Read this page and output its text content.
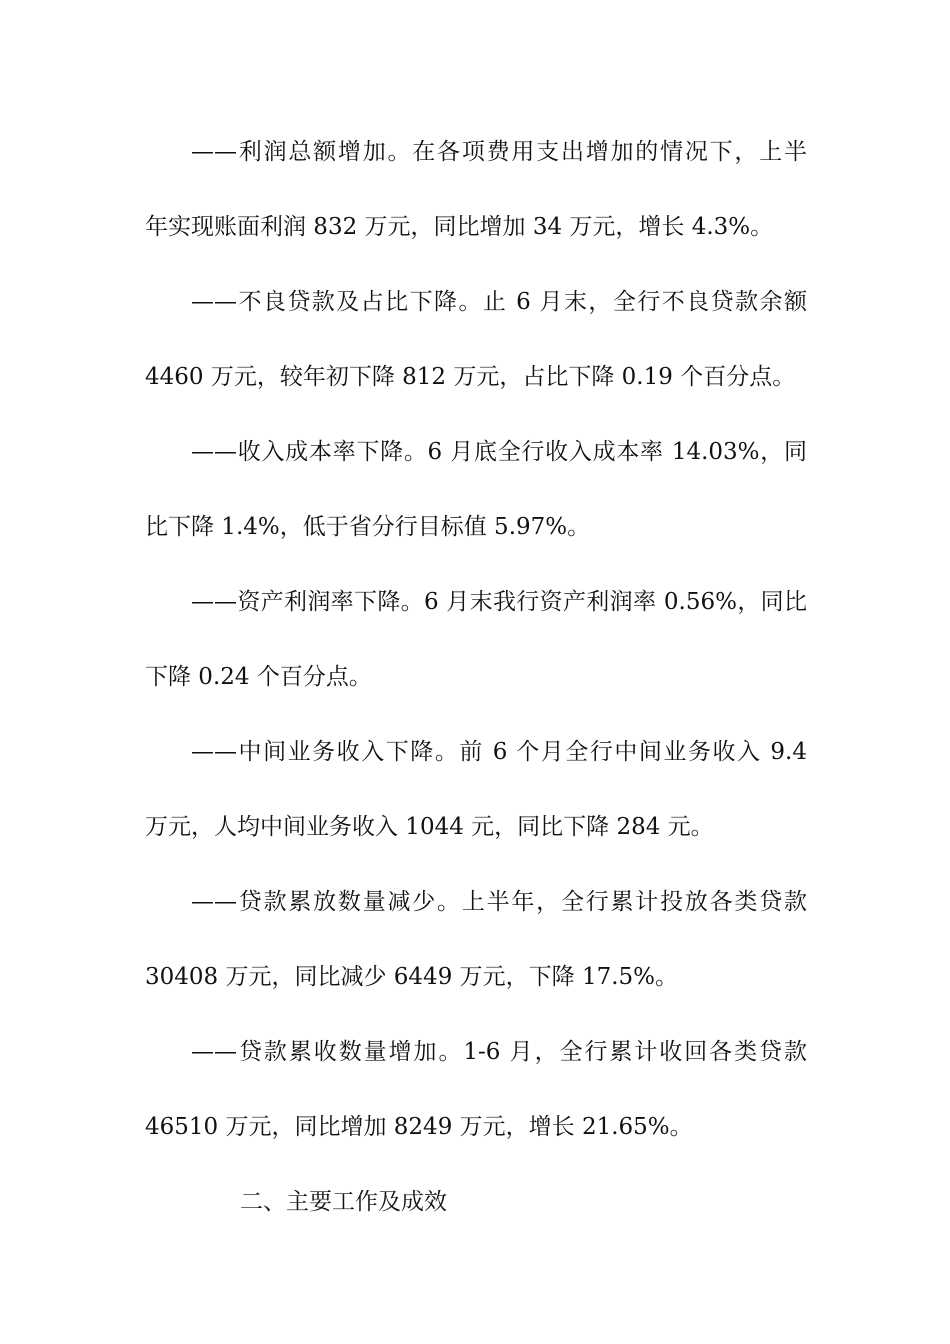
——利润总额增加。在各项费用支出增加的情况下，上半
年实现账面利润 832 万元，同比增加 34 万元，增长 4.3%。
——不良贷款及占比下降。止 6 月末，全行不良贷款余额
4460 万元，较年初下降 812 万元，占比下降 0.19 个百分点。
——收入成本率下降。6 月底全行收入成本率 14.03%，同
比下降 1.4%，低于省分行目标值 5.97%。
——资产利润率下降。6 月末我行资产利润率 0.56%，同比
下降 0.24 个百分点。
——中间业务收入下降。前 6 个月全行中间业务收入 9.4
万元，人均中间业务收入 1044 元，同比下降 284 元。
——贷款累放数量减少。上半年，全行累计投放各类贷款
30408 万元，同比减少 6449 万元，下降 17.5%。
——贷款累收数量增加。1-6 月，全行累计收回各类贷款
46510 万元，同比增加 8249 万元，增长 21.65%。
二、主要工作及成效
